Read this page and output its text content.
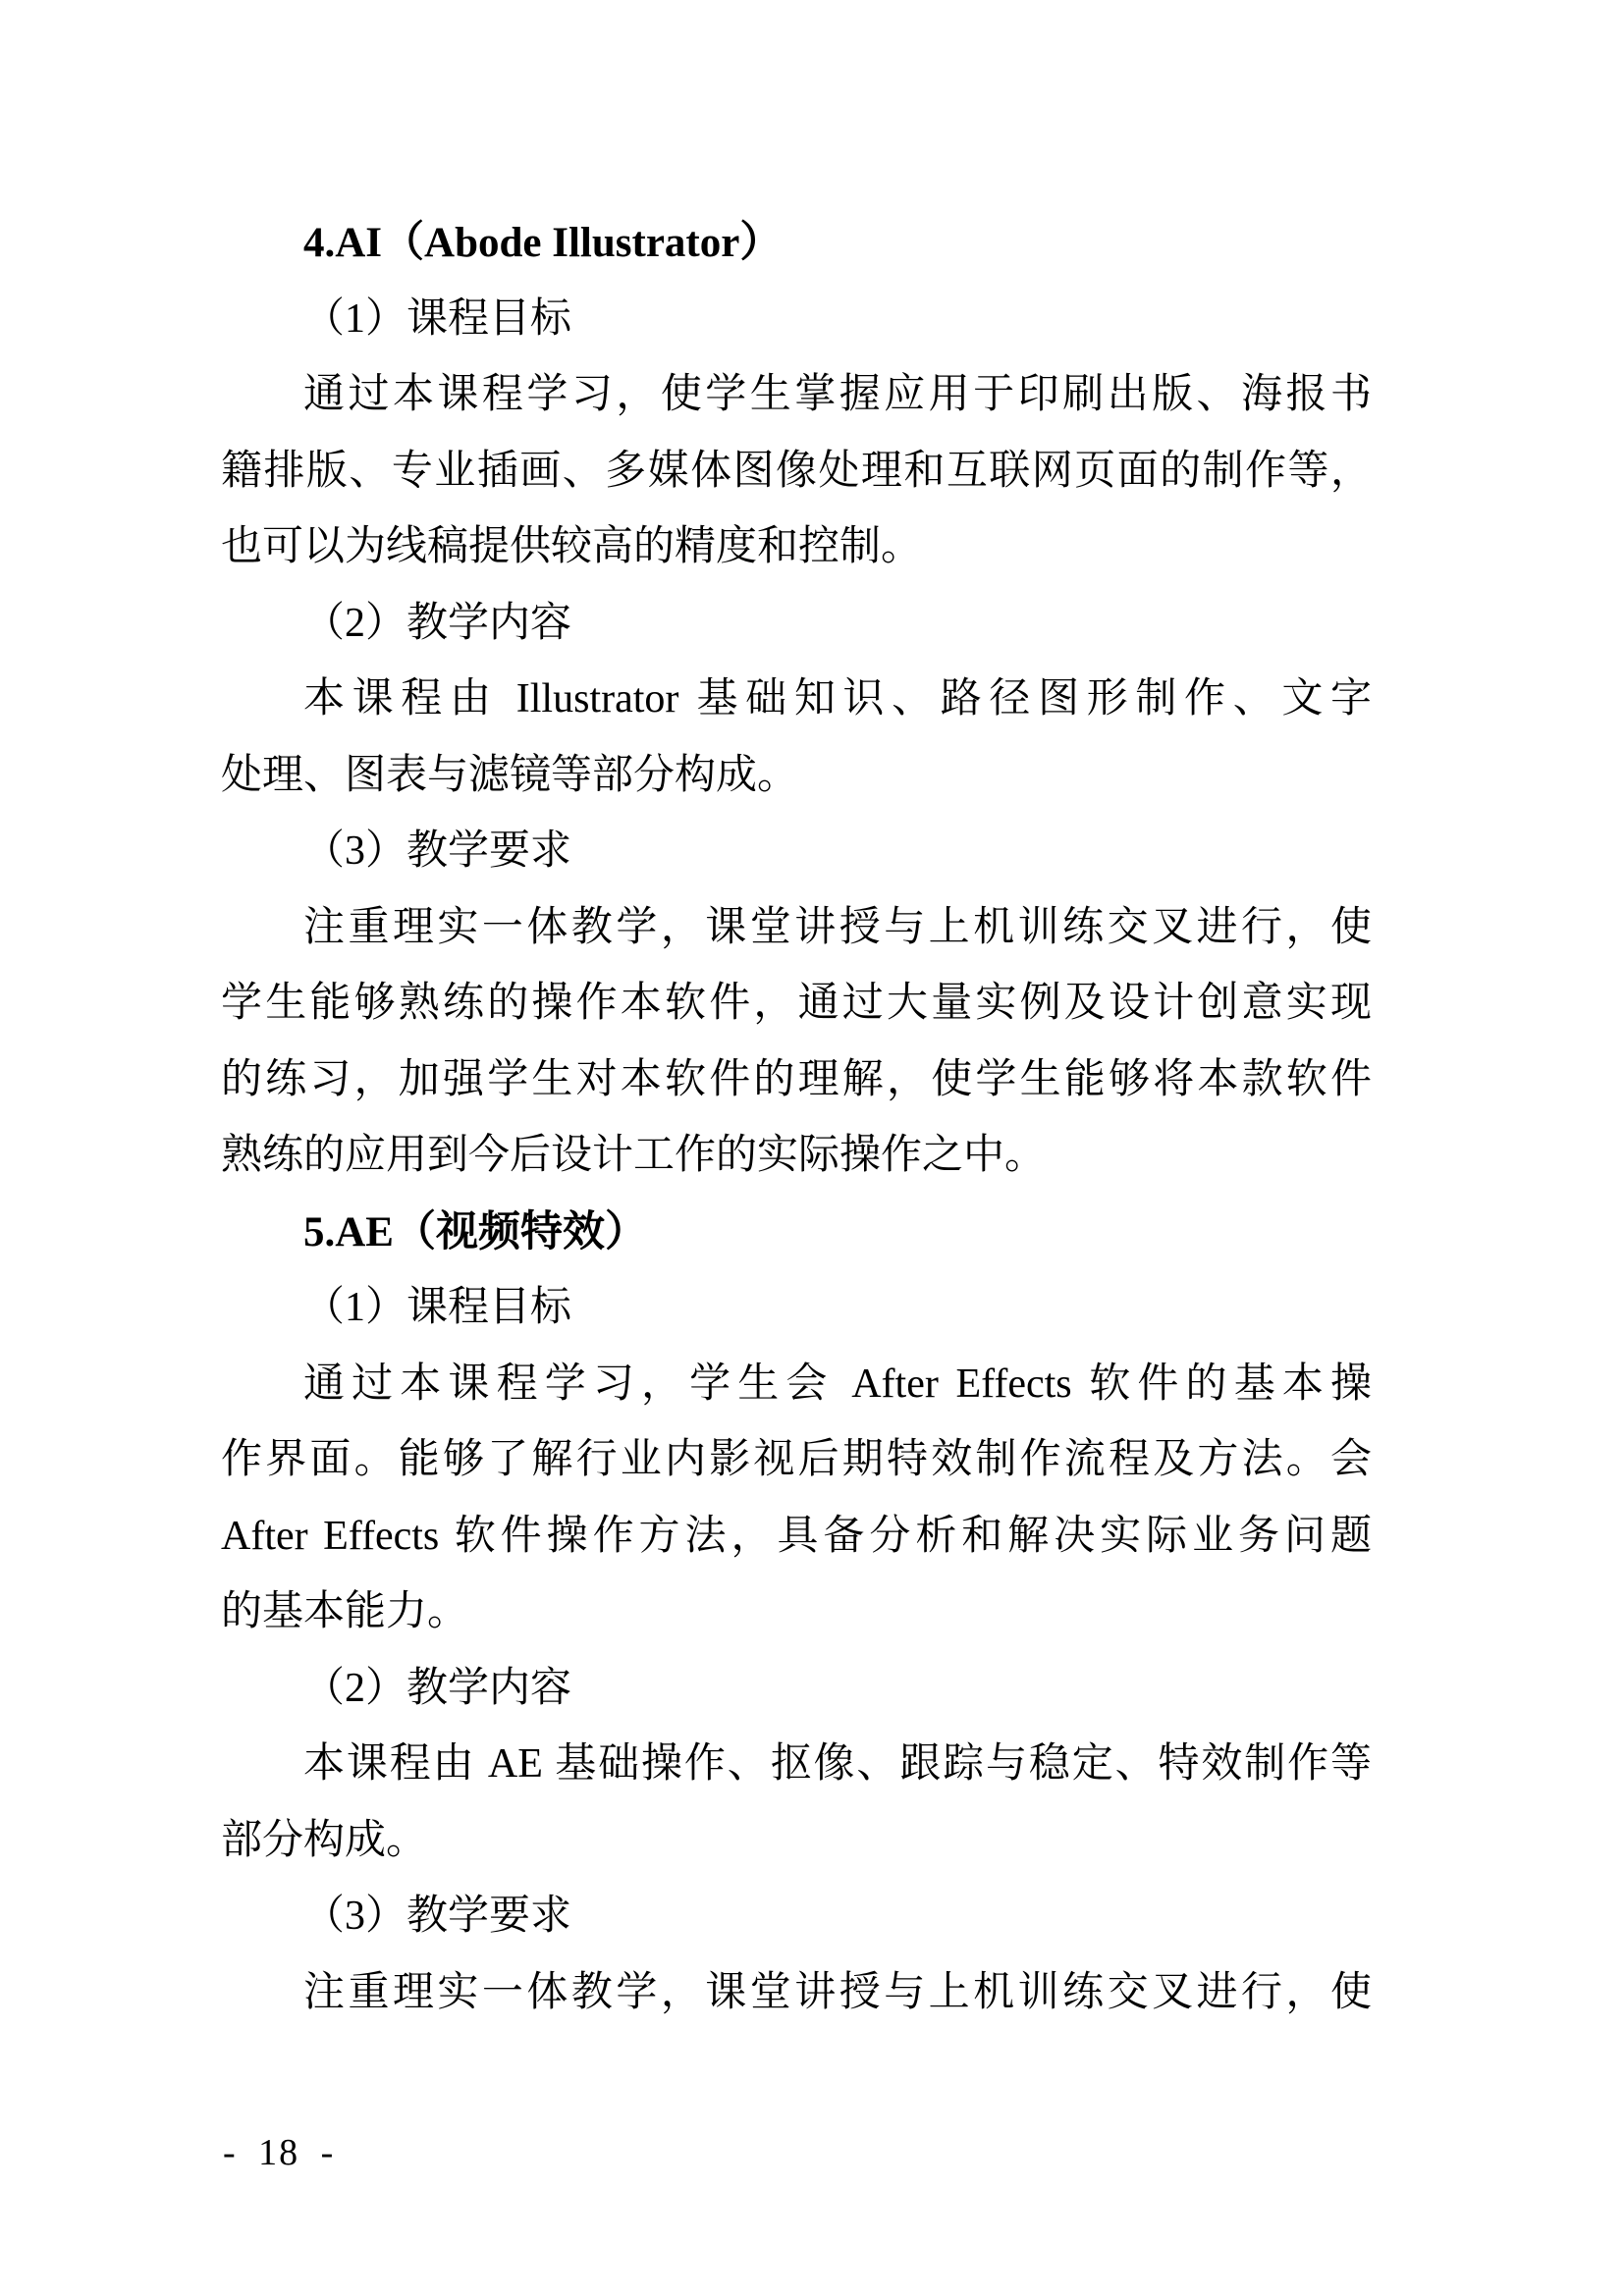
4.AI（Abode Illustrator）
（1）课程目标
通过本课程学习，使学生掌握应用于印刷出版、海报书
籍排版、专业插画、多媒体图像处理和互联网页面的制作等，
也可以为线稿提供较高的精度和控制。
（2）教学内容
本课程由 Illustrator 基础知识、路径图形制作、文字
处理、图表与滤镜等部分构成。
（3）教学要求
注重理实一体教学，课堂讲授与上机训练交叉进行，使
学生能够熟练的操作本软件，通过大量实例及设计创意实现
的练习，加强学生对本软件的理解，使学生能够将本款软件
熟练的应用到今后设计工作的实际操作之中。
5.AE（视频特效）
（1）课程目标
通过本课程学习，学生会 After Effects 软件的基本操
作界面。能够了解行业内影视后期特效制作流程及方法。会
After Effects 软件操作方法，具备分析和解决实际业务问题
的基本能力。
（2）教学内容
本课程由 AE 基础操作、抠像、跟踪与稳定、特效制作等
部分构成。
（3）教学要求
注重理实一体教学，课堂讲授与上机训练交叉进行，使
- 18 -
